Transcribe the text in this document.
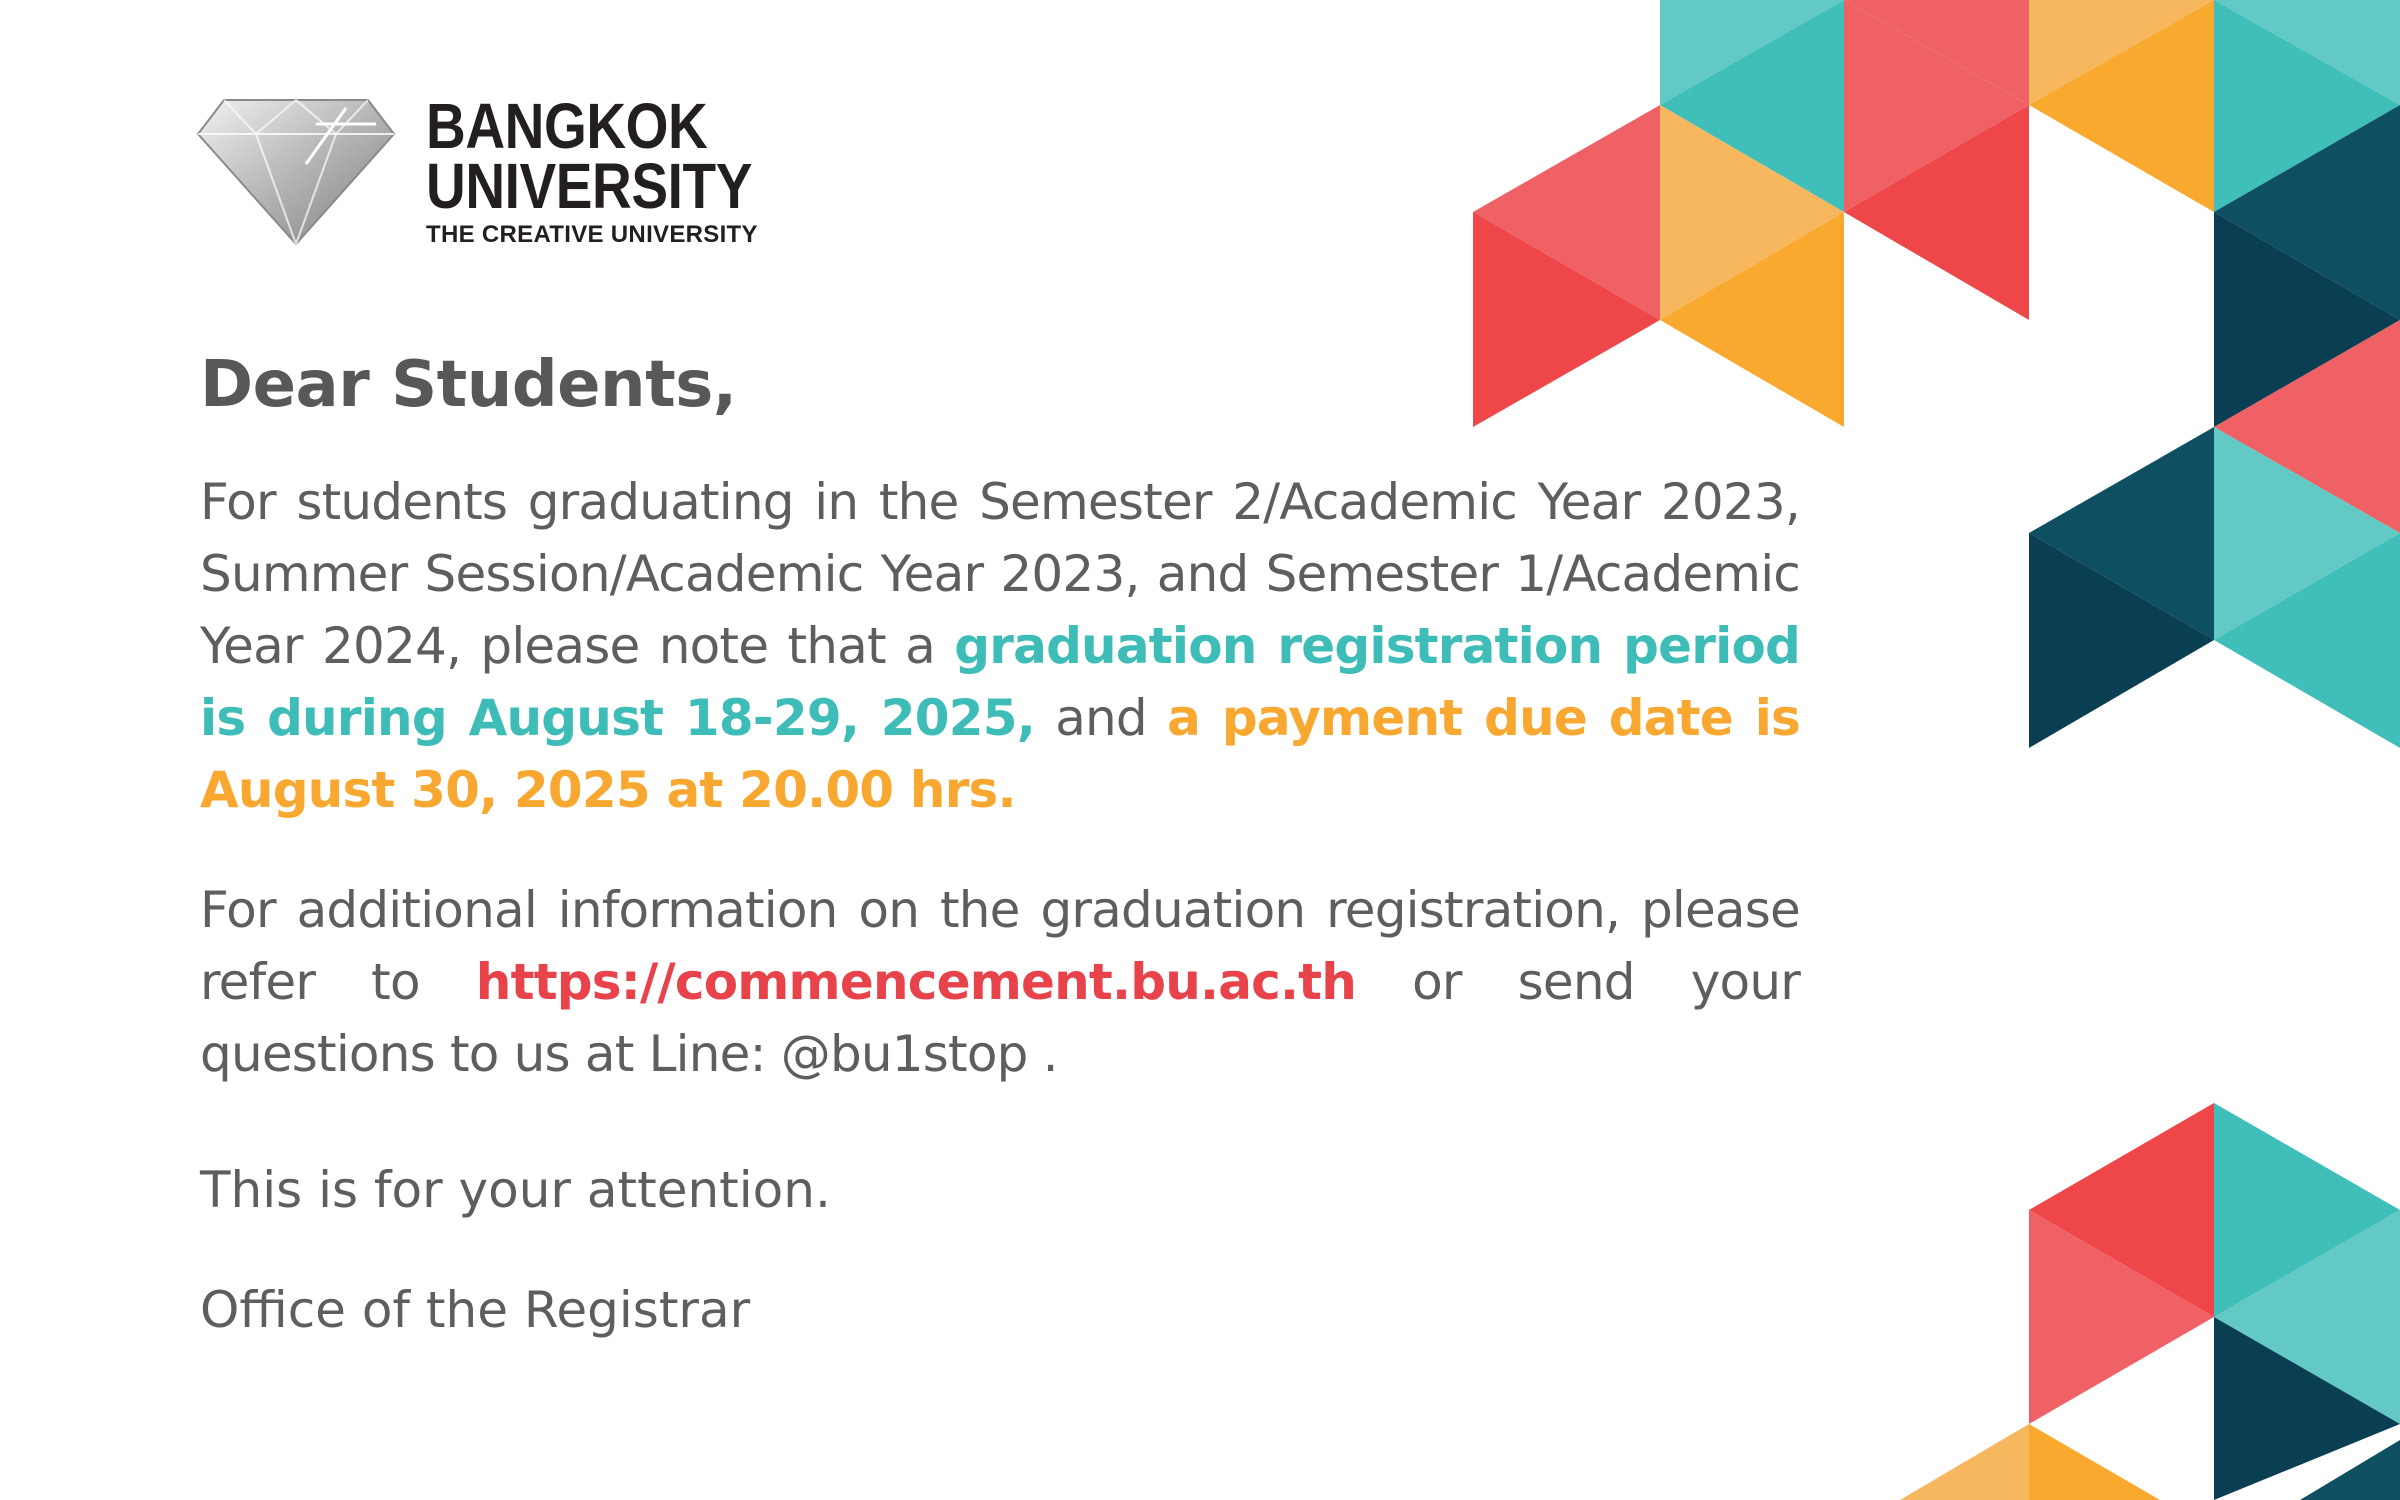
BANGKOK
UNIVERSITY
THE CREATIVE UNIVERSITY
Dear Students,

For students graduating in the Semester 2/Academic Year 2023, Summer Session/Academic Year 2023, and Semester 1/Academic Year 2024, please note that a graduation registration period is during August 18-29, 2025, and a payment due date is August 30, 2025 at 20.00 hrs.

For additional information on the graduation registration, please refer to https://commencement.bu.ac.th or send your questions to us at Line: @bu1stop .

This is for your attention.

Office of the Registrar
